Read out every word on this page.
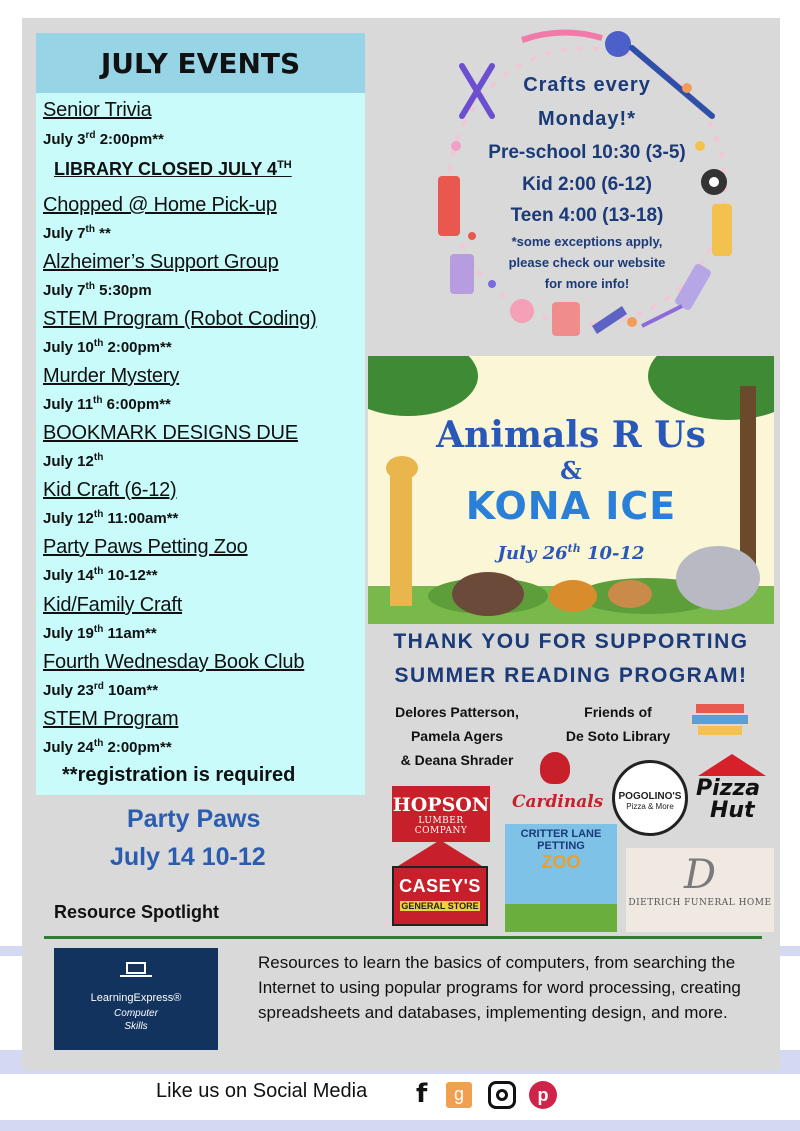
JULY EVENTS
Senior Trivia
July 3rd 2:00pm**
LIBRARY CLOSED JULY 4TH
Chopped @ Home Pick-up
July 7th **
Alzheimer’s Support Group
July 7th 5:30pm
STEM Program (Robot Coding)
July 10th 2:00pm**
Murder Mystery
July 11th 6:00pm**
BOOKMARK DESIGNS DUE
July 12th
Kid Craft (6-12)
July 12th 11:00am**
Party Paws Petting Zoo
July 14th 10-12**
Kid/Family Craft
July 19th 11am**
Fourth Wednesday Book Club
July 23rd 10am**
STEM Program
July 24th 2:00pm**
**registration is required
Party Paws
July 14 10-12
Crafts every
Monday!*
Pre-school 10:30 (3-5)
Kid 2:00 (6-12)
Teen 4:00 (13-18)
*some exceptions apply,
please check our website
for more info!
Animals R Us
&
KONA ICE
July 26th 10-12
THANK YOU FOR SUPPORTING
SUMMER READING PROGRAM!
Delores Patterson,
Pamela Agers
& Deana Shrader
Friends of
De Soto Library
HOPSON
LUMBER COMPANY
Cardinals	POGOLINO'S
Pizza & More
Pizza
Hut
CRITTER LANE
PETTING
ZOO
CASEY'S
GENERAL STORE
D
DIETRICH FUNERAL HOME
Resource Spotlight
LearningExpress®
Computer
Skills
Resources to learn the basics of computers, from searching the Internet to using popular programs for word processing, creating spreadsheets and databases, implementing design, and more.
Like us on Social Media f	g	p
